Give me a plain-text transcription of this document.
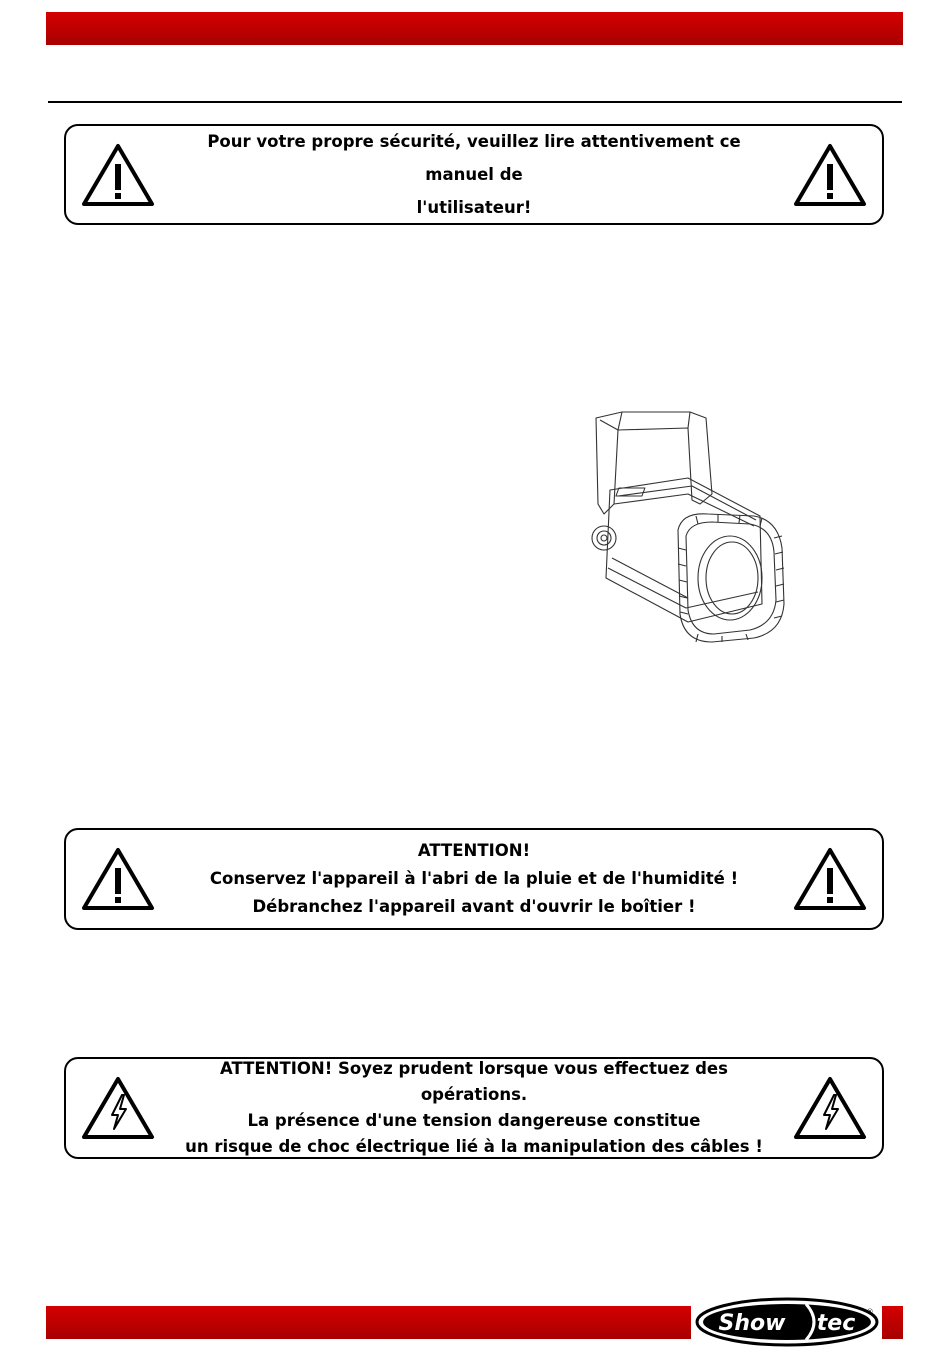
Pour votre propre sécurité, veuillez lire attentivement ce manuel de
l'utilisateur!
ATTENTION!
Conservez l'appareil à l'abri de la pluie et de l'humidité !
Débranchez l'appareil avant d'ouvrir le boîtier !
ATTENTION! Soyez prudent lorsque vous effectuez des opérations.
La présence d'une tension dangereuse constitue
un risque de choc électrique lié à la manipulation des câbles !
Show tec ®
